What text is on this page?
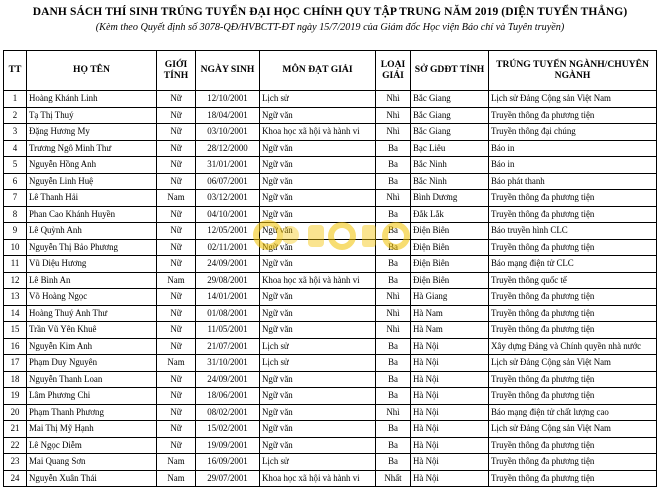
DANH SÁCH THÍ SINH TRÚNG TUYỂN ĐẠI HỌC CHÍNH QUY TẬP TRUNG NĂM 2019 (DIỆN TUYỂN THẲNG)
(Kèm theo Quyết định số 3078-QĐ/HVBCTT-ĐT ngày 15/7/2019 của Giám đốc Học viện Báo chí và Tuyên truyền)
TT	HỌ TÊN	GIỚI TÍNH	NGÀY SINH	MÔN ĐẠT GIẢI	LOẠI GIẢI	SỞ GDĐT TỈNH	TRÚNG TUYỂN NGÀNH/CHUYÊN NGÀNH
1	Hoàng Khánh Linh	Nữ	12/10/2001	Lịch sử	Nhì	Bắc Giang	Lịch sử Đảng Cộng sản Việt Nam
2	Tạ Thị Thuý	Nữ	18/04/2001	Ngữ văn	Nhì	Bắc Giang	Truyền thông đa phương tiện
3	Đặng Hương My	Nữ	03/10/2001	Khoa học xã hội và hành vi	Nhì	Bắc Giang	Truyền thông đại chúng
4	Trương Ngô Minh Thư	Nữ	28/12/2000	Ngữ văn	Ba	Bạc Liêu	Báo in
5	Nguyễn Hồng Anh	Nữ	31/01/2001	Ngữ văn	Ba	Bắc Ninh	Báo in
6	Nguyễn Linh Huệ	Nữ	06/07/2001	Ngữ văn	Ba	Bắc Ninh	Báo phát thanh
7	Lê Thanh Hải	Nam	03/12/2001	Ngữ văn	Nhì	Bình Dương	Truyền thông đa phương tiện
8	Phan Cao Khánh Huyền	Nữ	04/10/2001	Ngữ văn	Ba	Đắk Lắk	Truyền thông đa phương tiện
9	Lê Quỳnh Anh	Nữ	12/05/2001	Ngữ văn	Ba	Điện Biên	Báo truyền hình CLC
10	Nguyễn Thị Bảo Phương	Nữ	02/11/2001	Ngữ văn	Ba	Điện Biên	Truyền thông đa phương tiện
11	Vũ Diệu Hương	Nữ	24/09/2001	Ngữ văn	Ba	Điện Biên	Báo mạng điện tử CLC
12	Lê Bình An	Nam	29/08/2001	Khoa học xã hội và hành vi	Ba	Điện Biên	Truyền thông quốc tế
13	Võ Hoàng Ngọc	Nữ	14/01/2001	Ngữ văn	Nhì	Hà Giang	Truyền thông đa phương tiện
14	Hoàng Thuý Anh Thư	Nữ	01/08/2001	Ngữ văn	Nhì	Hà Nam	Truyền thông đa phương tiện
15	Trần Vũ Yên Khuê	Nữ	11/05/2001	Ngữ văn	Nhì	Hà Nam	Truyền thông đa phương tiện
16	Nguyễn Kim Anh	Nữ	21/07/2001	Lịch sử	Ba	Hà Nội	Xây dựng Đảng và Chính quyền nhà nước
17	Phạm Duy Nguyên	Nam	31/10/2001	Lịch sử	Ba	Hà Nội	Lịch sử Đảng Cộng sản Việt Nam
18	Nguyễn Thanh Loan	Nữ	24/09/2001	Ngữ văn	Ba	Hà Nội	Truyền thông đa phương tiện
19	Lâm Phương Chi	Nữ	18/06/2001	Ngữ văn	Ba	Hà Nội	Truyền thông đa phương tiện
20	Phạm Thanh Phương	Nữ	08/02/2001	Ngữ văn	Nhì	Hà Nội	Báo mạng điện tử chất lượng cao
21	Mai Thị Mỹ Hạnh	Nữ	15/02/2001	Ngữ văn	Ba	Hà Nội	Lịch sử Đảng Cộng sản Việt Nam
22	Lê Ngọc Diễm	Nữ	19/09/2001	Ngữ văn	Ba	Hà Nội	Truyền thông đa phương tiện
23	Mai Quang Sơn	Nam	16/09/2001	Lịch sử	Ba	Hà Nội	Truyền thông đa phương tiện
24	Nguyễn Xuân Thái	Nam	29/07/2001	Khoa học xã hội và hành vi	Nhất	Hà Nội	Truyền thông đa phương tiện
